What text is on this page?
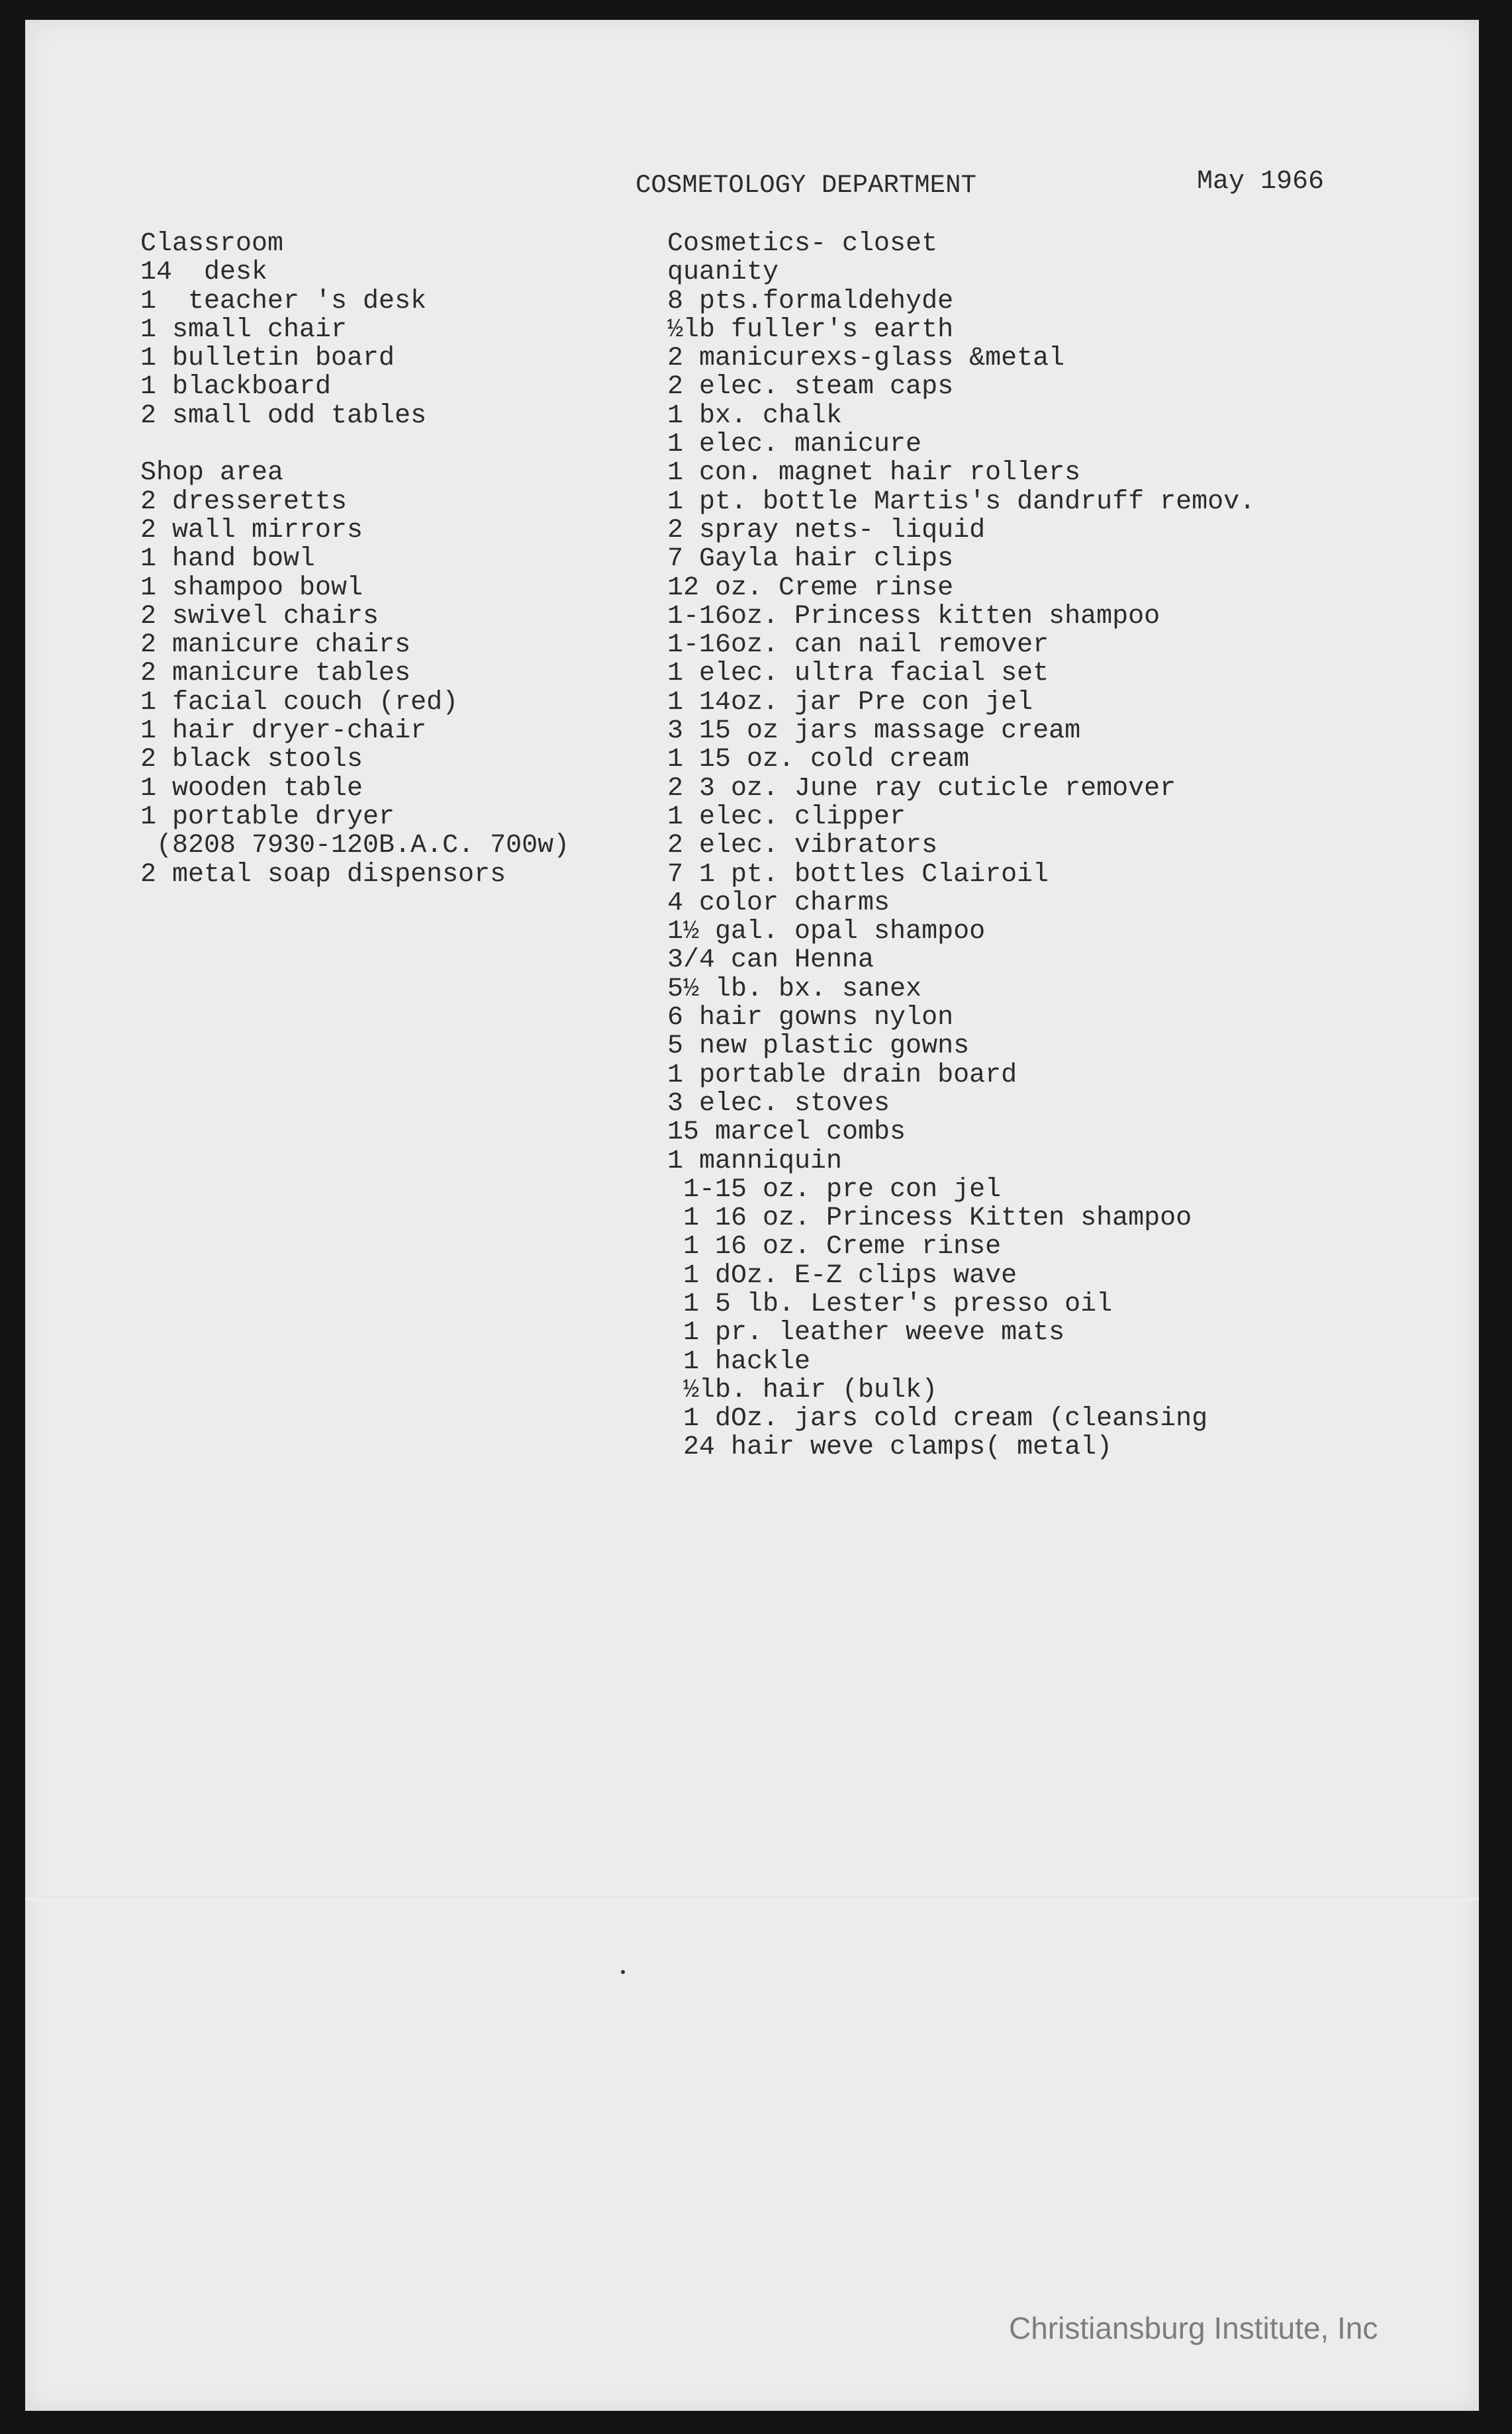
COSMETOLOGY DEPARTMENT	May 1966
Classroom
14  desk
1  teacher 's desk
1 small chair
1 bulletin board
1 blackboard
2 small odd tables

Shop area
2 dresseretts
2 wall mirrors
1 hand bowl
1 shampoo bowl
2 swivel chairs
2 manicure chairs
2 manicure tables
1 facial couch (red)
1 hair dryer-chair
2 black stools
1 wooden table
1 portable dryer
(8208 7930-120B.A.C. 700w)
2 metal soap dispensors
Cosmetics- closet
quanity
8 pts.formaldehyde
½lb fuller's earth
2 manicurexs-glass &metal
2 elec. steam caps
1 bx. chalk
1 elec. manicure
1 con. magnet hair rollers
1 pt. bottle Martis's dandruff remov.
2 spray nets- liquid
7 Gayla hair clips
12 oz. Creme rinse
1-16oz. Princess kitten shampoo
1-16oz. can nail remover
1 elec. ultra facial set
1 14oz. jar Pre con jel
3 15 oz jars massage cream
1 15 oz. cold cream
2 3 oz. June ray cuticle remover
1 elec. clipper
2 elec. vibrators
7 1 pt. bottles Clairoil
4 color charms
1½ gal. opal shampoo
3/4 can Henna
5½ lb. bx. sanex
6 hair gowns nylon
5 new plastic gowns
1 portable drain board
3 elec. stoves
15 marcel combs
1 manniquin
1-15 oz. pre con jel
1 16 oz. Princess Kitten shampoo
1 16 oz. Creme rinse
1 dOz. E-Z clips wave
1 5 lb. Lester's presso oil
1 pr. leather weeve mats
1 hackle
½lb. hair (bulk)
1 dOz. jars cold cream (cleansing
24 hair weve clamps( metal)
Christiansburg Institute, Inc
